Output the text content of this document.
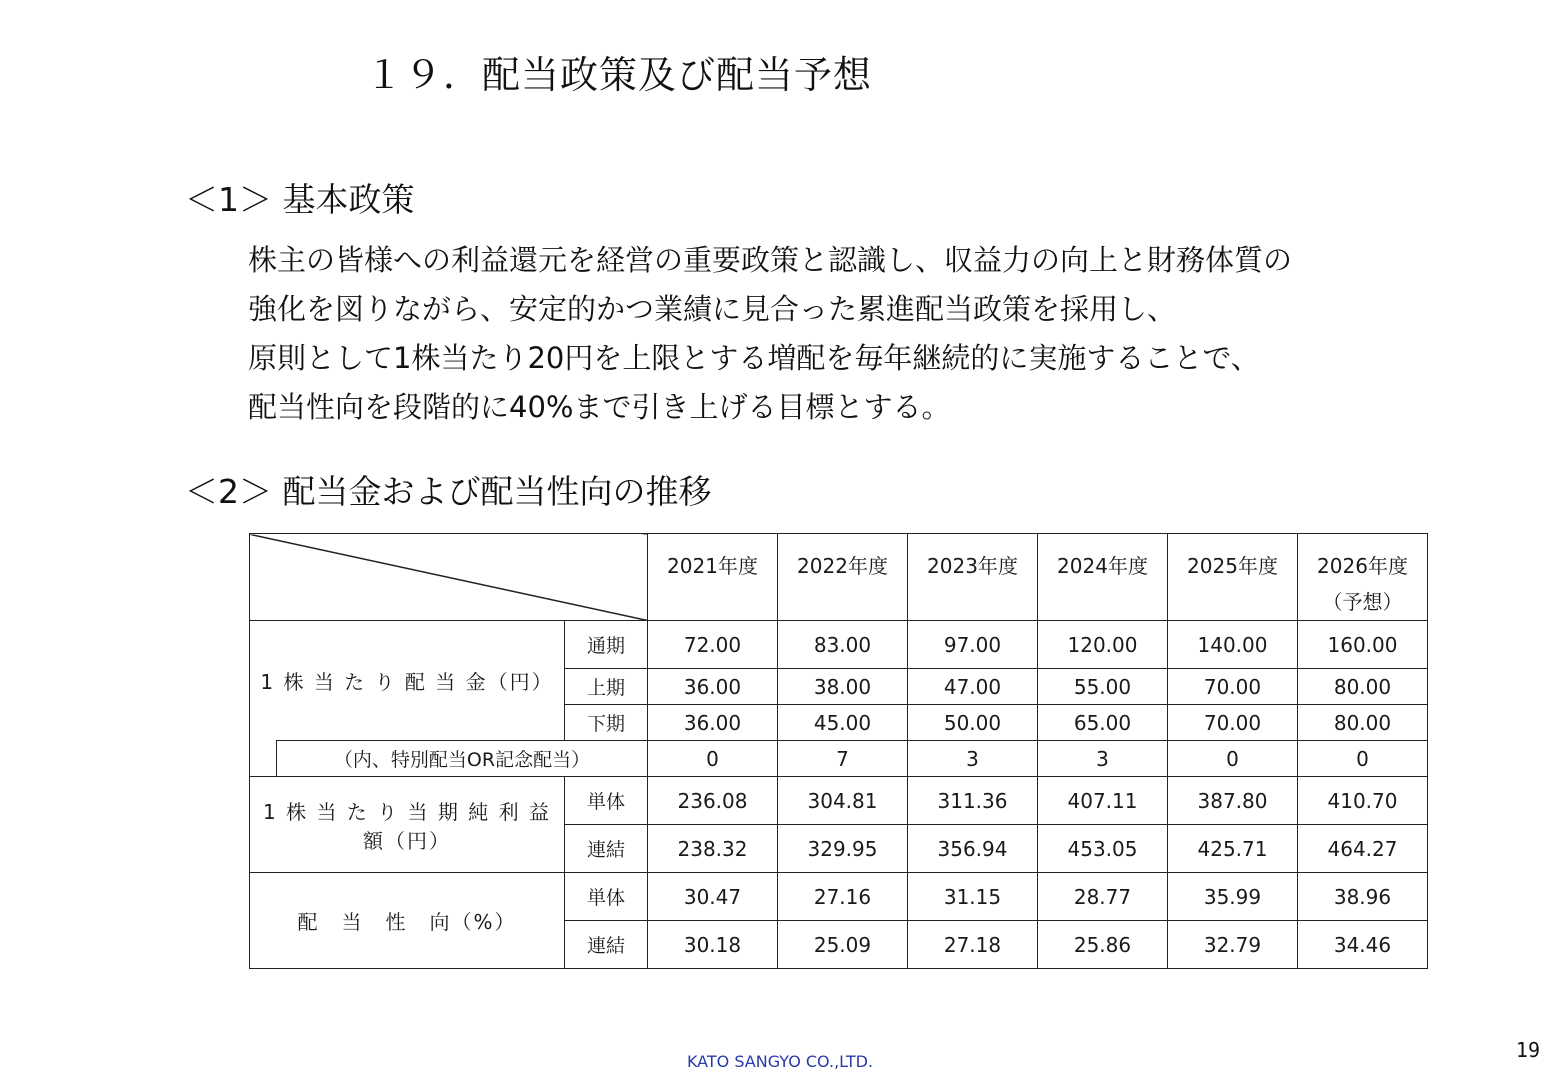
１９．配当政策及び配当予想
＜1＞ 基本政策

株主の皆様への利益還元を経営の重要政策と認識し、収益力の向上と財務体質の

強化を図りながら、安定的かつ業績に見合った累進配当政策を採用し、

原則として1株当たり20円を上限とする増配を毎年継続的に実施することで、

配当性向を段階的に40%まで引き上げる目標とする。

＜2＞ 配当金および配当性向の推移
			2021年度	2022年度	2023年度	2024年度	2025年度	2026年度
（予想）
1 株 当 た り 配 当 金（円）		通期	72.00	83.00	97.00	120.00	140.00	160.00
		上期	36.00	38.00	47.00	55.00	70.00	80.00
		下期	36.00	45.00	50.00	65.00	70.00	80.00
	（内、特別配当OR記念配当）		0	7	3	3	0	0
1 株 当 た り 当 期 純 利 益 額（円）		単体	236.08	304.81	311.36	407.11	387.80	410.70
		連結	238.32	329.95	356.94	453.05	425.71	464.27
配　当　性　向（%）		単体	30.47	27.16	31.15	28.77	35.99	38.96
		連結	30.18	25.09	27.18	25.86	32.79	34.46
KATO SANGYO CO.,LTD.	19
